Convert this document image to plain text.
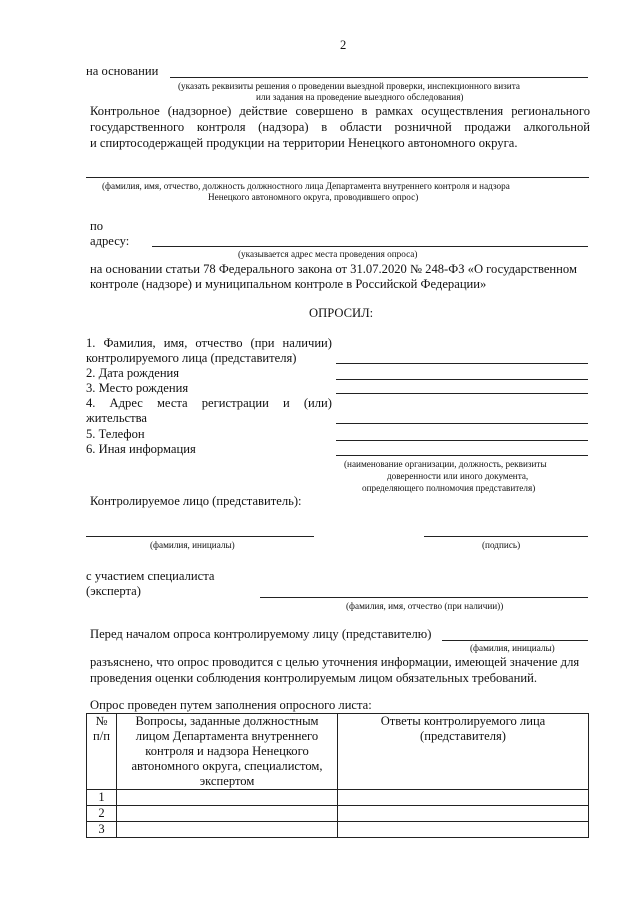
2
на основании
(указать реквизиты решения о проведении выездной проверки, инспекционного визита
или задания на проведение выездного обследования)
Контрольное (надзорное) действие совершено в рамках осуществления регионального
государственного контроля (надзора) в области розничной продажи алкогольной
и спиртосодержащей продукции на территории Ненецкого автономного округа.
(фамилия, имя, отчество, должность должностного лица Департамента внутреннего контроля и надзора
Ненецкого автономного округа, проводившего опрос)
по
адресу:
(указывается адрес места проведения опроса)
на основании статьи 78 Федерального закона от 31.07.2020 № 248-ФЗ «О государственном
контроле (надзоре) и муниципальном контроле в Российской Федерации»
ОПРОСИЛ:
1. Фамилия, имя, отчество (при наличии)
контролируемого лица (представителя)
2. Дата рождения
3. Место рождения
4. Адрес места регистрации и (или)
жительства
5. Телефон
6. Иная информация
(наименование организации, должность, реквизиты
доверенности или иного документа,
определяющего полномочия представителя)
Контролируемое лицо (представитель):
(фамилия, инициалы)	(подпись)
с участием специалиста
(эксперта)
(фамилия, имя, отчество (при наличии))
Перед началом опроса контролируемому лицу (представителю)
(фамилия, инициалы)
разъяснено, что опрос проводится с целью уточнения информации, имеющей значение для
проведения оценки соблюдения контролируемым лицом обязательных требований.
Опрос проведен путем заполнения опросного листа:
№
п/п	Вопросы, заданные должностным лицом Департамента внутреннего контроля и надзора Ненецкого автономного округа, специалистом, экспертом	Ответы контролируемого лица (представителя)
1		
2		
3		
